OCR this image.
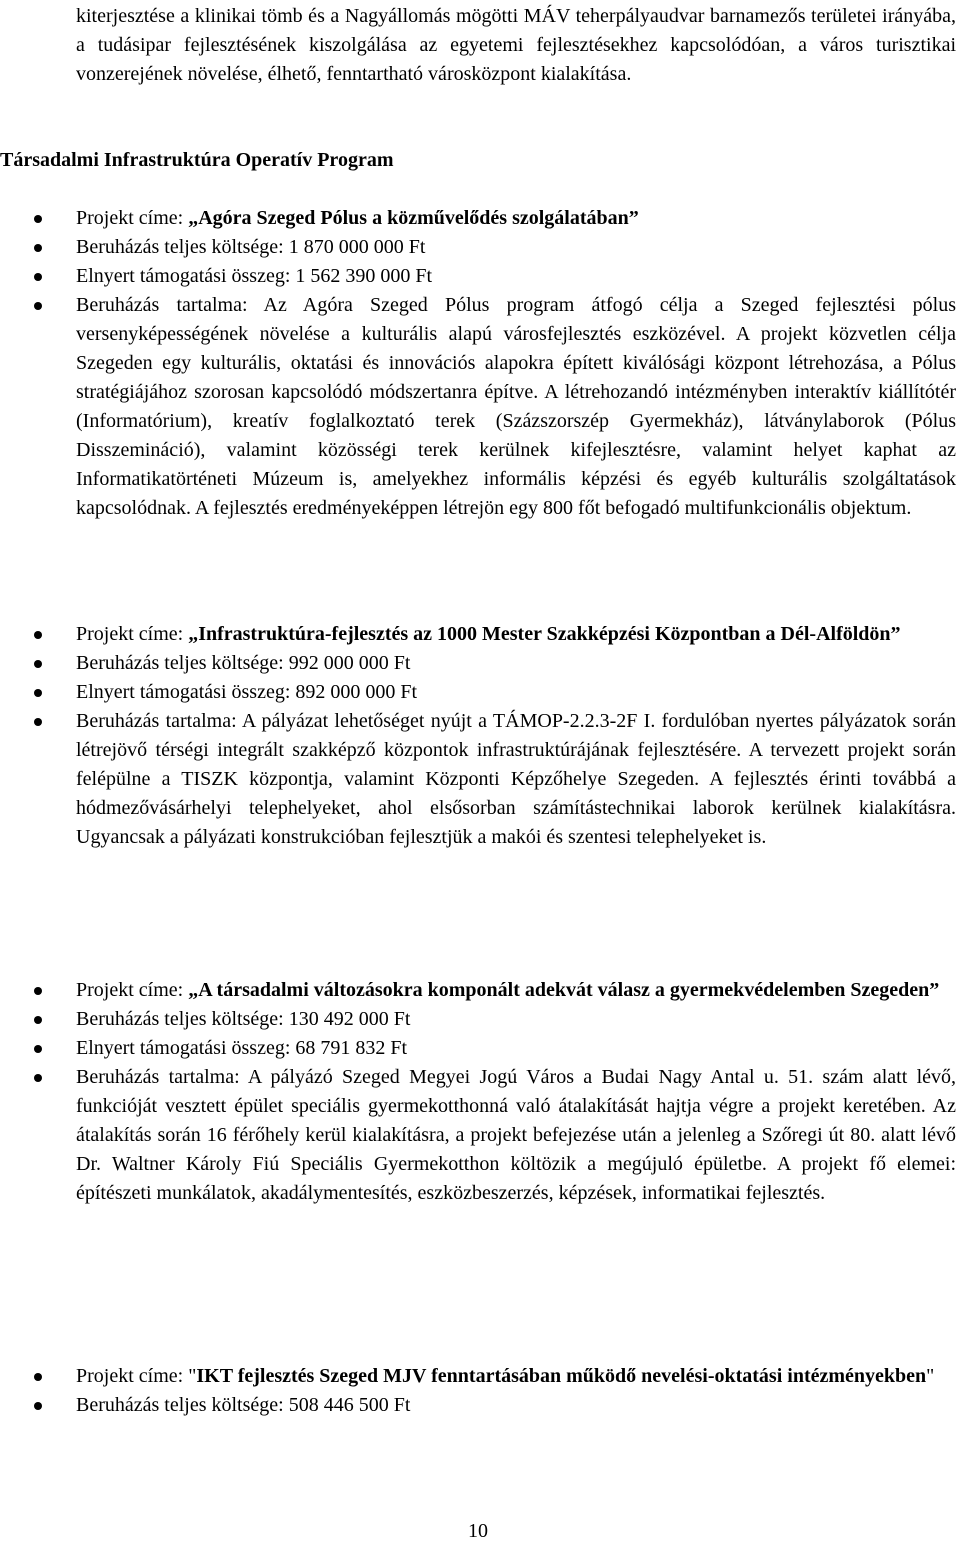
kiterjesztése a klinikai tömb és a Nagyállomás mögötti MÁV teherpályaudvar barnamezős területei irányába, a tudásipar fejlesztésének kiszolgálása az egyetemi fejlesztésekhez kapcsolódóan, a város turisztikai vonzerejének növelése, élhető, fenntartható városközpont kialakítása.
Társadalmi Infrastruktúra Operatív Program
Projekt címe: „Agóra Szeged Pólus a közművelődés szolgálatában”
Beruházás teljes költsége: 1 870 000 000 Ft
Elnyert támogatási összeg: 1 562 390 000 Ft
Beruházás tartalma: Az Agóra Szeged Pólus program átfogó célja a Szeged fejlesztési pólus versenyképességének növelése a kulturális alapú városfejlesztés eszközével. A projekt közvetlen célja Szegeden egy kulturális, oktatási és innovációs alapokra épített kiválósági központ létrehozása, a Pólus stratégiájához szorosan kapcsolódó módszertanra építve. A létrehozandó intézményben interaktív kiállítótér (Informatórium), kreatív foglalkoztató terek (Százszorszép Gyermekház), látványlaborok (Pólus Disszemináció), valamint közösségi terek kerülnek kifejlesztésre, valamint helyet kaphat az Informatikatörténeti Múzeum is, amelyekhez informális képzési és egyéb kulturális szolgáltatások kapcsolódnak. A fejlesztés eredményeképpen létrejön egy 800 főt befogadó multifunkcionális objektum.
Projekt címe: „Infrastruktúra-fejlesztés az 1000 Mester Szakképzési Központban a Dél-Alföldön”
Beruházás teljes költsége: 992 000 000 Ft
Elnyert támogatási összeg: 892 000 000 Ft
Beruházás tartalma: A pályázat lehetőséget nyújt a TÁMOP-2.2.3-2F I. fordulóban nyertes pályázatok során létrejövő térségi integrált szakképző központok infrastruktúrájának fejlesztésére. A tervezett projekt során felépülne a TISZK központja, valamint Központi Képzőhelye Szegeden. A fejlesztés érinti továbbá a hódmezővásárhelyi telephelyeket, ahol elsősorban számítástechnikai laborok kerülnek kialakításra. Ugyancsak a pályázati konstrukcióban fejlesztjük a makói és szentesi telephelyeket is.
Projekt címe: „A társadalmi változásokra komponált adekvát válasz a gyermekvédelemben Szegeden”
Beruházás teljes költsége: 130 492 000 Ft
Elnyert támogatási összeg: 68 791 832 Ft
Beruházás tartalma: A pályázó Szeged Megyei Jogú Város a Budai Nagy Antal u. 51. szám alatt lévő, funkcióját vesztett épület speciális gyermekotthonná való átalakítását hajtja végre a projekt keretében. Az átalakítás során 16 férőhely kerül kialakításra, a projekt befejezése után a jelenleg a Szőregi út 80. alatt lévő Dr. Waltner Károly Fiú Speciális Gyermekotthon költözik a megújuló épületbe. A projekt fő elemei: építészeti munkálatok, akadálymentesítés, eszközbeszerzés, képzések, informatikai fejlesztés.
Projekt címe: "IKT fejlesztés Szeged MJV fenntartásában működő nevelési-oktatási intézményekben"
Beruházás teljes költsége: 508 446 500 Ft
10
